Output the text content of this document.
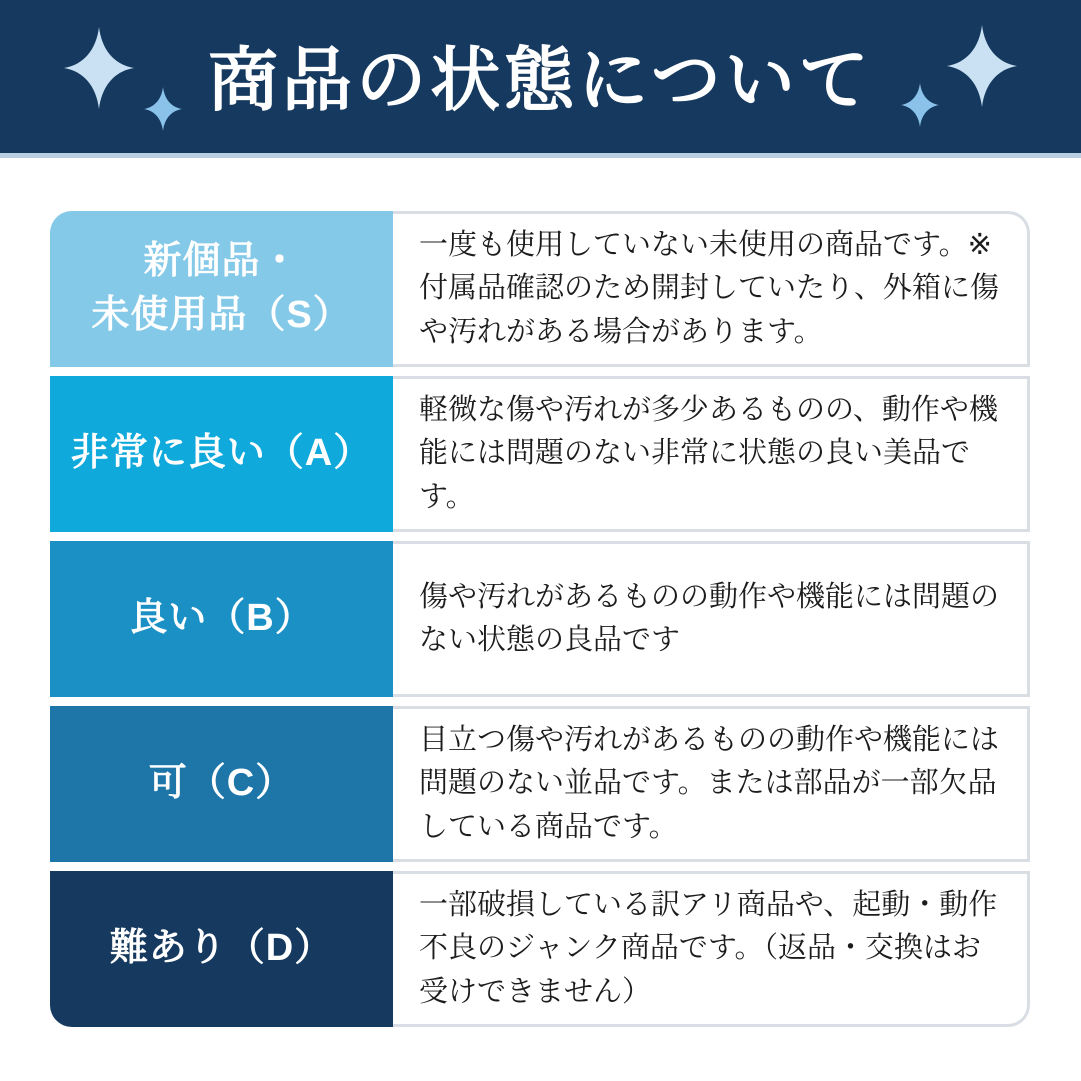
商品の状態について
新個品・
未使用品（S）

一度も使用していない未使用の商品です。※付属品確認のため開封していたり、外箱に傷や汚れがある場合があります。

非常に良い（A）

軽微な傷や汚れが多少あるものの、動作や機能には問題のない非常に状態の良い美品です。

良い（B）

傷や汚れがあるものの動作や機能には問題のない状態の良品です

可（C）

目立つ傷や汚れがあるものの動作や機能には問題のない並品です。または部品が一部欠品している商品です。

難あり（D）

一部破損している訳アリ商品や、起動・動作不良のジャンク商品です。（返品・交換はお受けできません）
